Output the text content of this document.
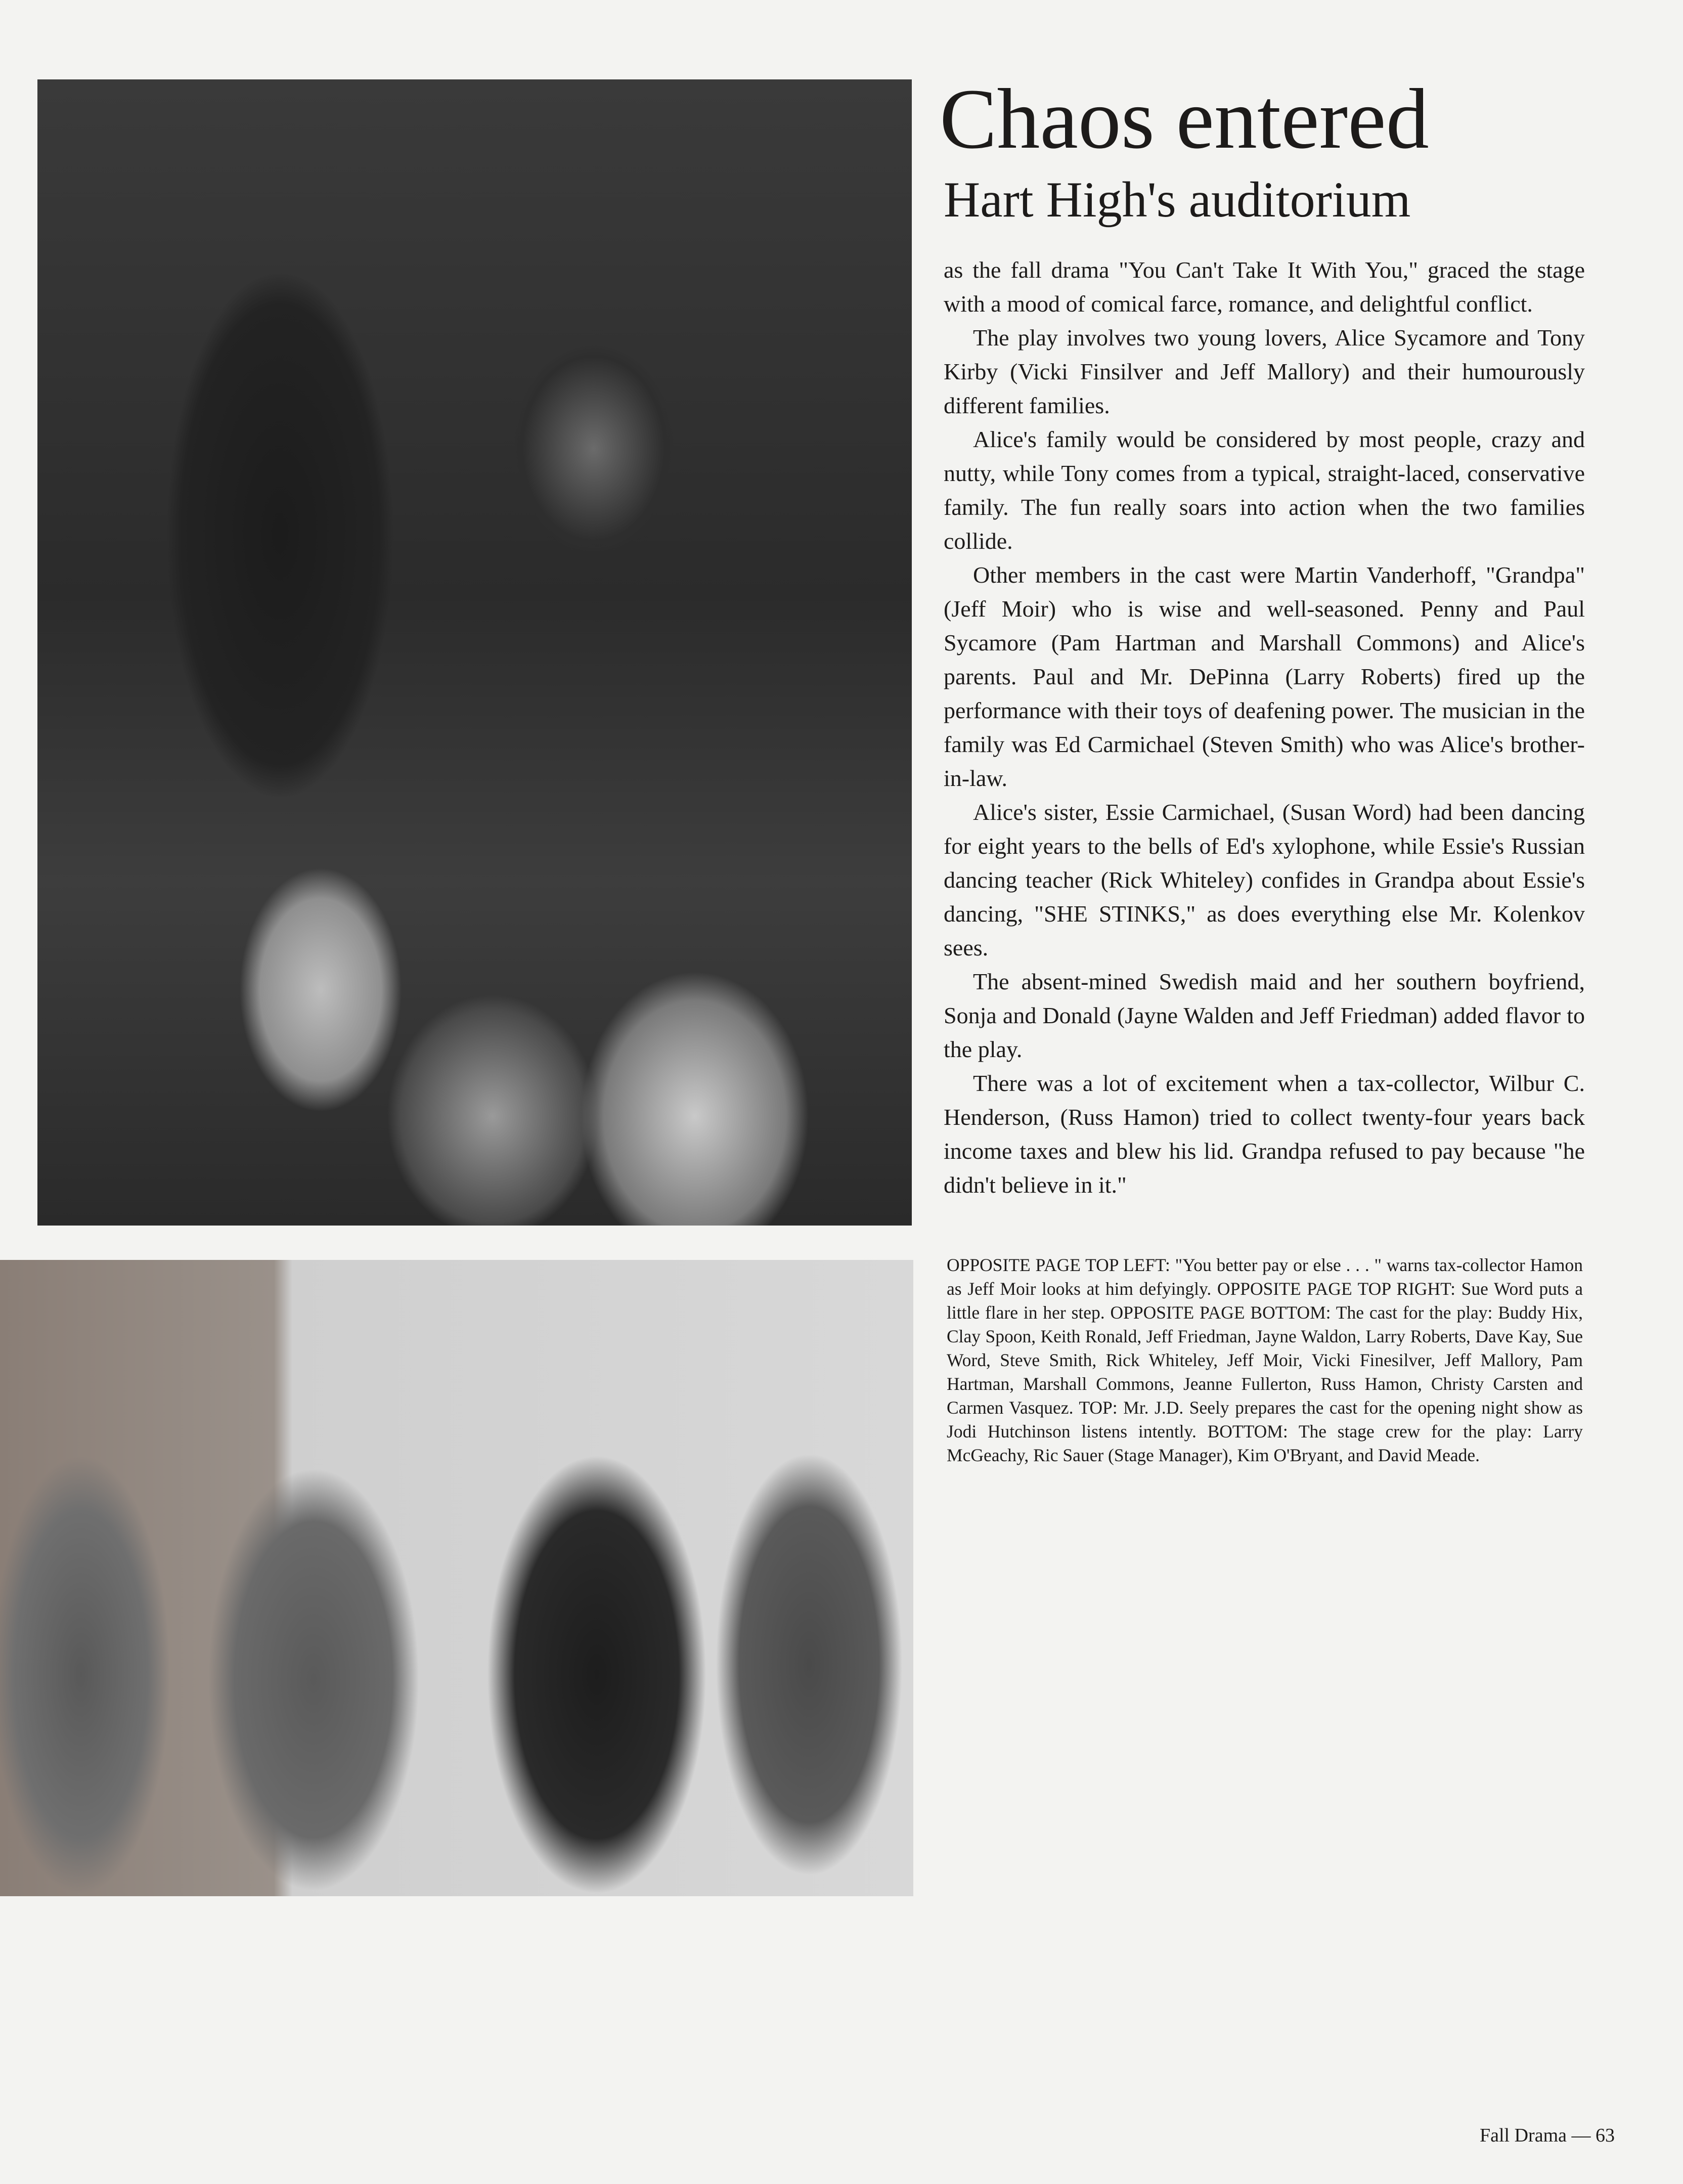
Chaos entered
Hart High's auditorium

as the fall drama "You Can't Take It With You," graced the stage with a mood of comical farce, romance, and delightful conflict.

The play involves two young lovers, Alice Sycamore and Tony Kirby (Vicki Finsilver and Jeff Mallory) and their humourously different families.

Alice's family would be considered by most people, crazy and nutty, while Tony comes from a typical, straight-laced, conservative family. The fun really soars into action when the two families collide.

Other members in the cast were Martin Vanderhoff, "Grandpa" (Jeff Moir) who is wise and well-seasoned. Penny and Paul Sycamore (Pam Hartman and Marshall Commons) and Alice's parents. Paul and Mr. DePinna (Larry Roberts) fired up the performance with their toys of deafening power. The musician in the family was Ed Carmichael (Steven Smith) who was Alice's brother-in-law.

Alice's sister, Essie Carmichael, (Susan Word) had been dancing for eight years to the bells of Ed's xylophone, while Essie's Russian dancing teacher (Rick Whiteley) confides in Grandpa about Essie's dancing, "SHE STINKS," as does everything else Mr. Kolenkov sees.

The absent-mined Swedish maid and her southern boyfriend, Sonja and Donald (Jayne Walden and Jeff Friedman) added flavor to the play.

There was a lot of excitement when a tax-collector, Wilbur C. Henderson, (Russ Hamon) tried to collect twenty-four years back income taxes and blew his lid. Grandpa refused to pay because "he didn't believe in it."

OPPOSITE PAGE TOP LEFT: "You better pay or else . . . " warns tax-collector Hamon as Jeff Moir looks at him defyingly. OPPOSITE PAGE TOP RIGHT: Sue Word puts a little flare in her step. OPPOSITE PAGE BOTTOM: The cast for the play: Buddy Hix, Clay Spoon, Keith Ronald, Jeff Friedman, Jayne Waldon, Larry Roberts, Dave Kay, Sue Word, Steve Smith, Rick Whiteley, Jeff Moir, Vicki Finesilver, Jeff Mallory, Pam Hartman, Marshall Commons, Jeanne Fullerton, Russ Hamon, Christy Carsten and Carmen Vasquez. TOP: Mr. J.D. Seely prepares the cast for the opening night show as Jodi Hutchinson listens intently. BOTTOM: The stage crew for the play: Larry McGeachy, Ric Sauer (Stage Manager), Kim O'Bryant, and David Meade.
Fall Drama — 63
